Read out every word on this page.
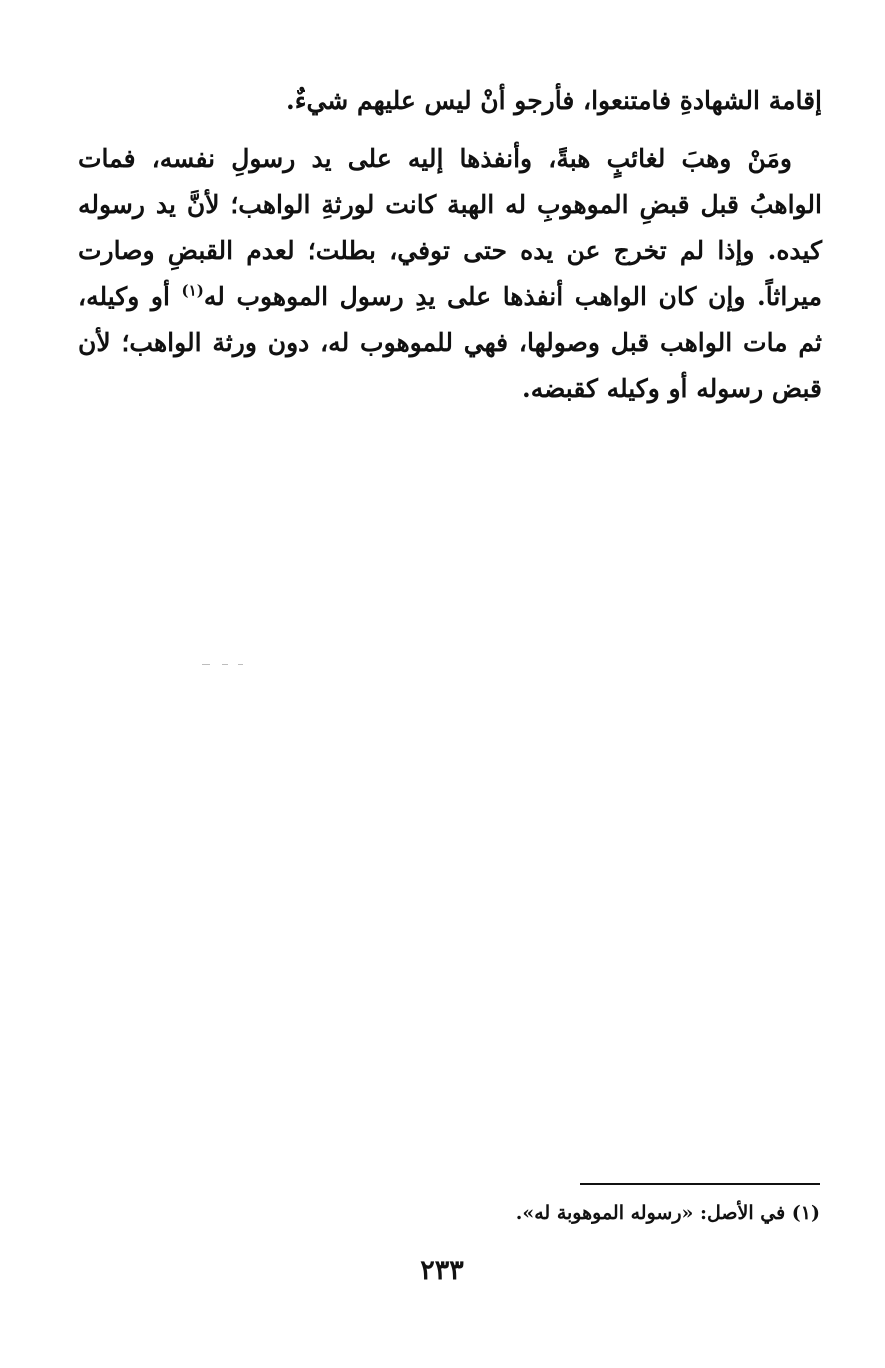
إقامة الشهادةِ فامتنعوا، فأرجو أنْ ليس عليهم شيءٌ.

ومَنْ وهبَ لغائبٍ هبةً، وأنفذها إليه على يد رسولِ نفسه، فمات الواهبُ قبل قبضِ الموهوبِ له الهبة كانت لورثةِ الواهب؛ لأنَّ يد رسوله كيده. وإذا لم تخرج عن يده حتى توفي، بطلت؛ لعدم القبضِ وصارت ميراثاً. وإن كان الواهب أنفذها على يدِ رسول الموهوب له$^{(١)}$ أو وكيله، ثم مات الواهب قبل وصولها، فهي للموهوب له، دون ورثة الواهب؛ لأن قبض رسوله أو وكيله كقبضه.

(١) في الأصل: «رسوله الموهوبة له».
٢٣٣
